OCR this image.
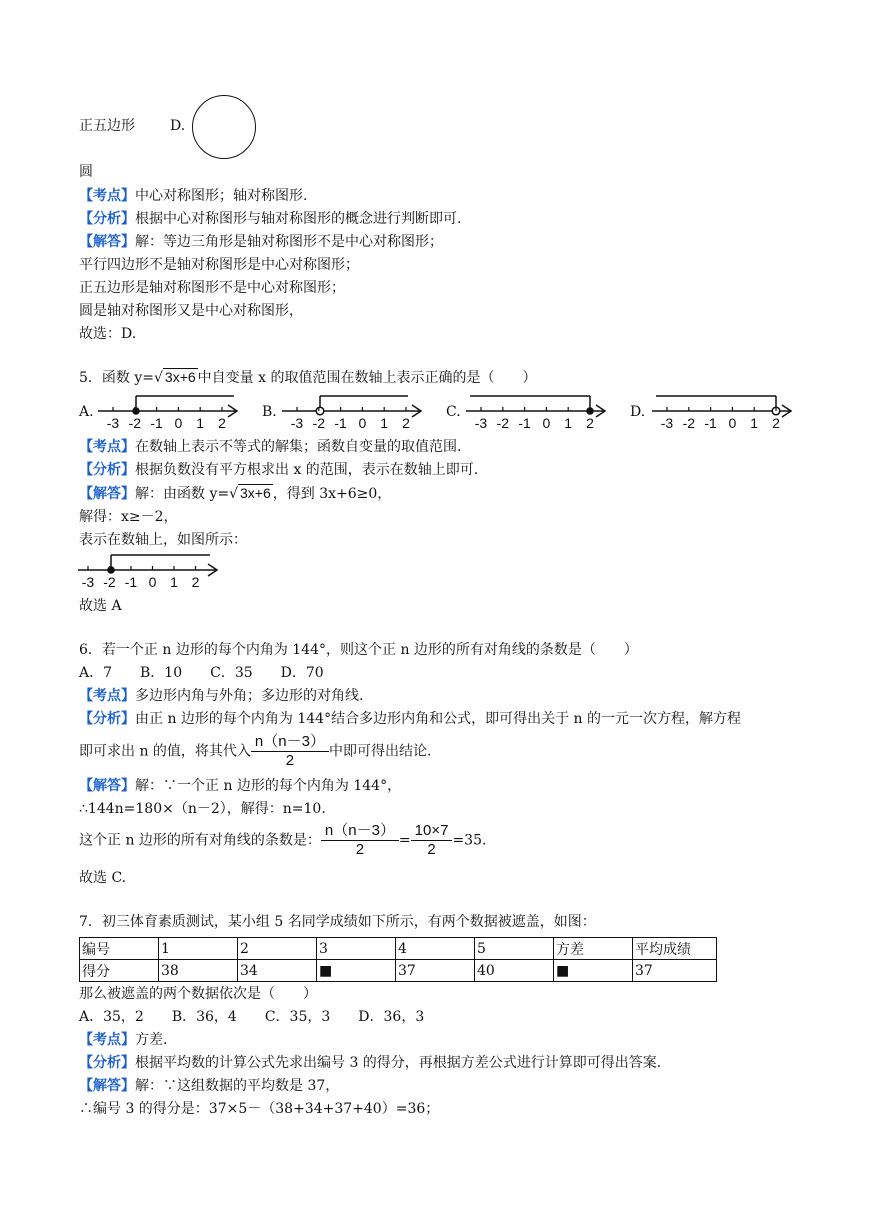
正五边形	D.
圆
【考点】中心对称图形；轴对称图形.
【分析】根据中心对称图形与轴对称图形的概念进行判断即可.
【解答】解：等边三角形是轴对称图形不是中心对称图形；
平行四边形不是轴对称图形是中心对称图形；
正五边形是轴对称图形不是中心对称图形；
圆是轴对称图形又是中心对称图形，
故选：D.
5．函数 y=√ 3x+6 中自变量 x 的取值范围在数轴上表示正确的是（　　）
A.
-3 -2 -1 0 1 2
B.
-3 -2 -1 0 1 2
C.
-3 -2 -1 0 1 2
D.
-3 -2 -1 0 1 2
【考点】在数轴上表示不等式的解集；函数自变量的取值范围.
【分析】根据负数没有平方根求出 x 的范围，表示在数轴上即可.
【解答】解：由函数 y=√ 3x+6 ，得到 3x+6≥0，
解得：x≥－2，
表示在数轴上，如图所示：
-3 -2 -1 0 1 2
故选 A
6．若一个正 n 边形的每个内角为 144°，则这个正 n 边形的所有对角线的条数是（　　）
A．7　　B．10　　C．35　　D．70
【考点】多边形内角与外角；多边形的对角线.
【分析】由正 n 边形的每个内角为 144°结合多边形内角和公式，即可得出关于 n 的一元一次方程，解方程
即可求出 n 的值，将其代入 $\frac{n(n-3)}{2}$ 中即可得出结论.
【解答】解：∵一个正 n 边形的每个内角为 144°，
∴144n=180×（n－2），解得：n=10.
这个正 n 边形的所有对角线的条数是： $\frac{n(n-3)}{2} = \frac{10\times 7}{2} =35$.
故选 C.
7．初三体育素质测试，某小组 5 名同学成绩如下所示，有两个数据被遮盖，如图：
编号	1	2	3	4	5	方差	平均成绩
得分	38	34	■	37	40	■	37
那么被遮盖的两个数据依次是（　　）
A．35，2　　B．36，4　　C．35，3　　D．36，3
【考点】方差.
【分析】根据平均数的计算公式先求出编号 3 的得分，再根据方差公式进行计算即可得出答案.
【解答】解：∵这组数据的平均数是 37，
∴编号 3 的得分是：37×5－（38+34+37+40）=36；
